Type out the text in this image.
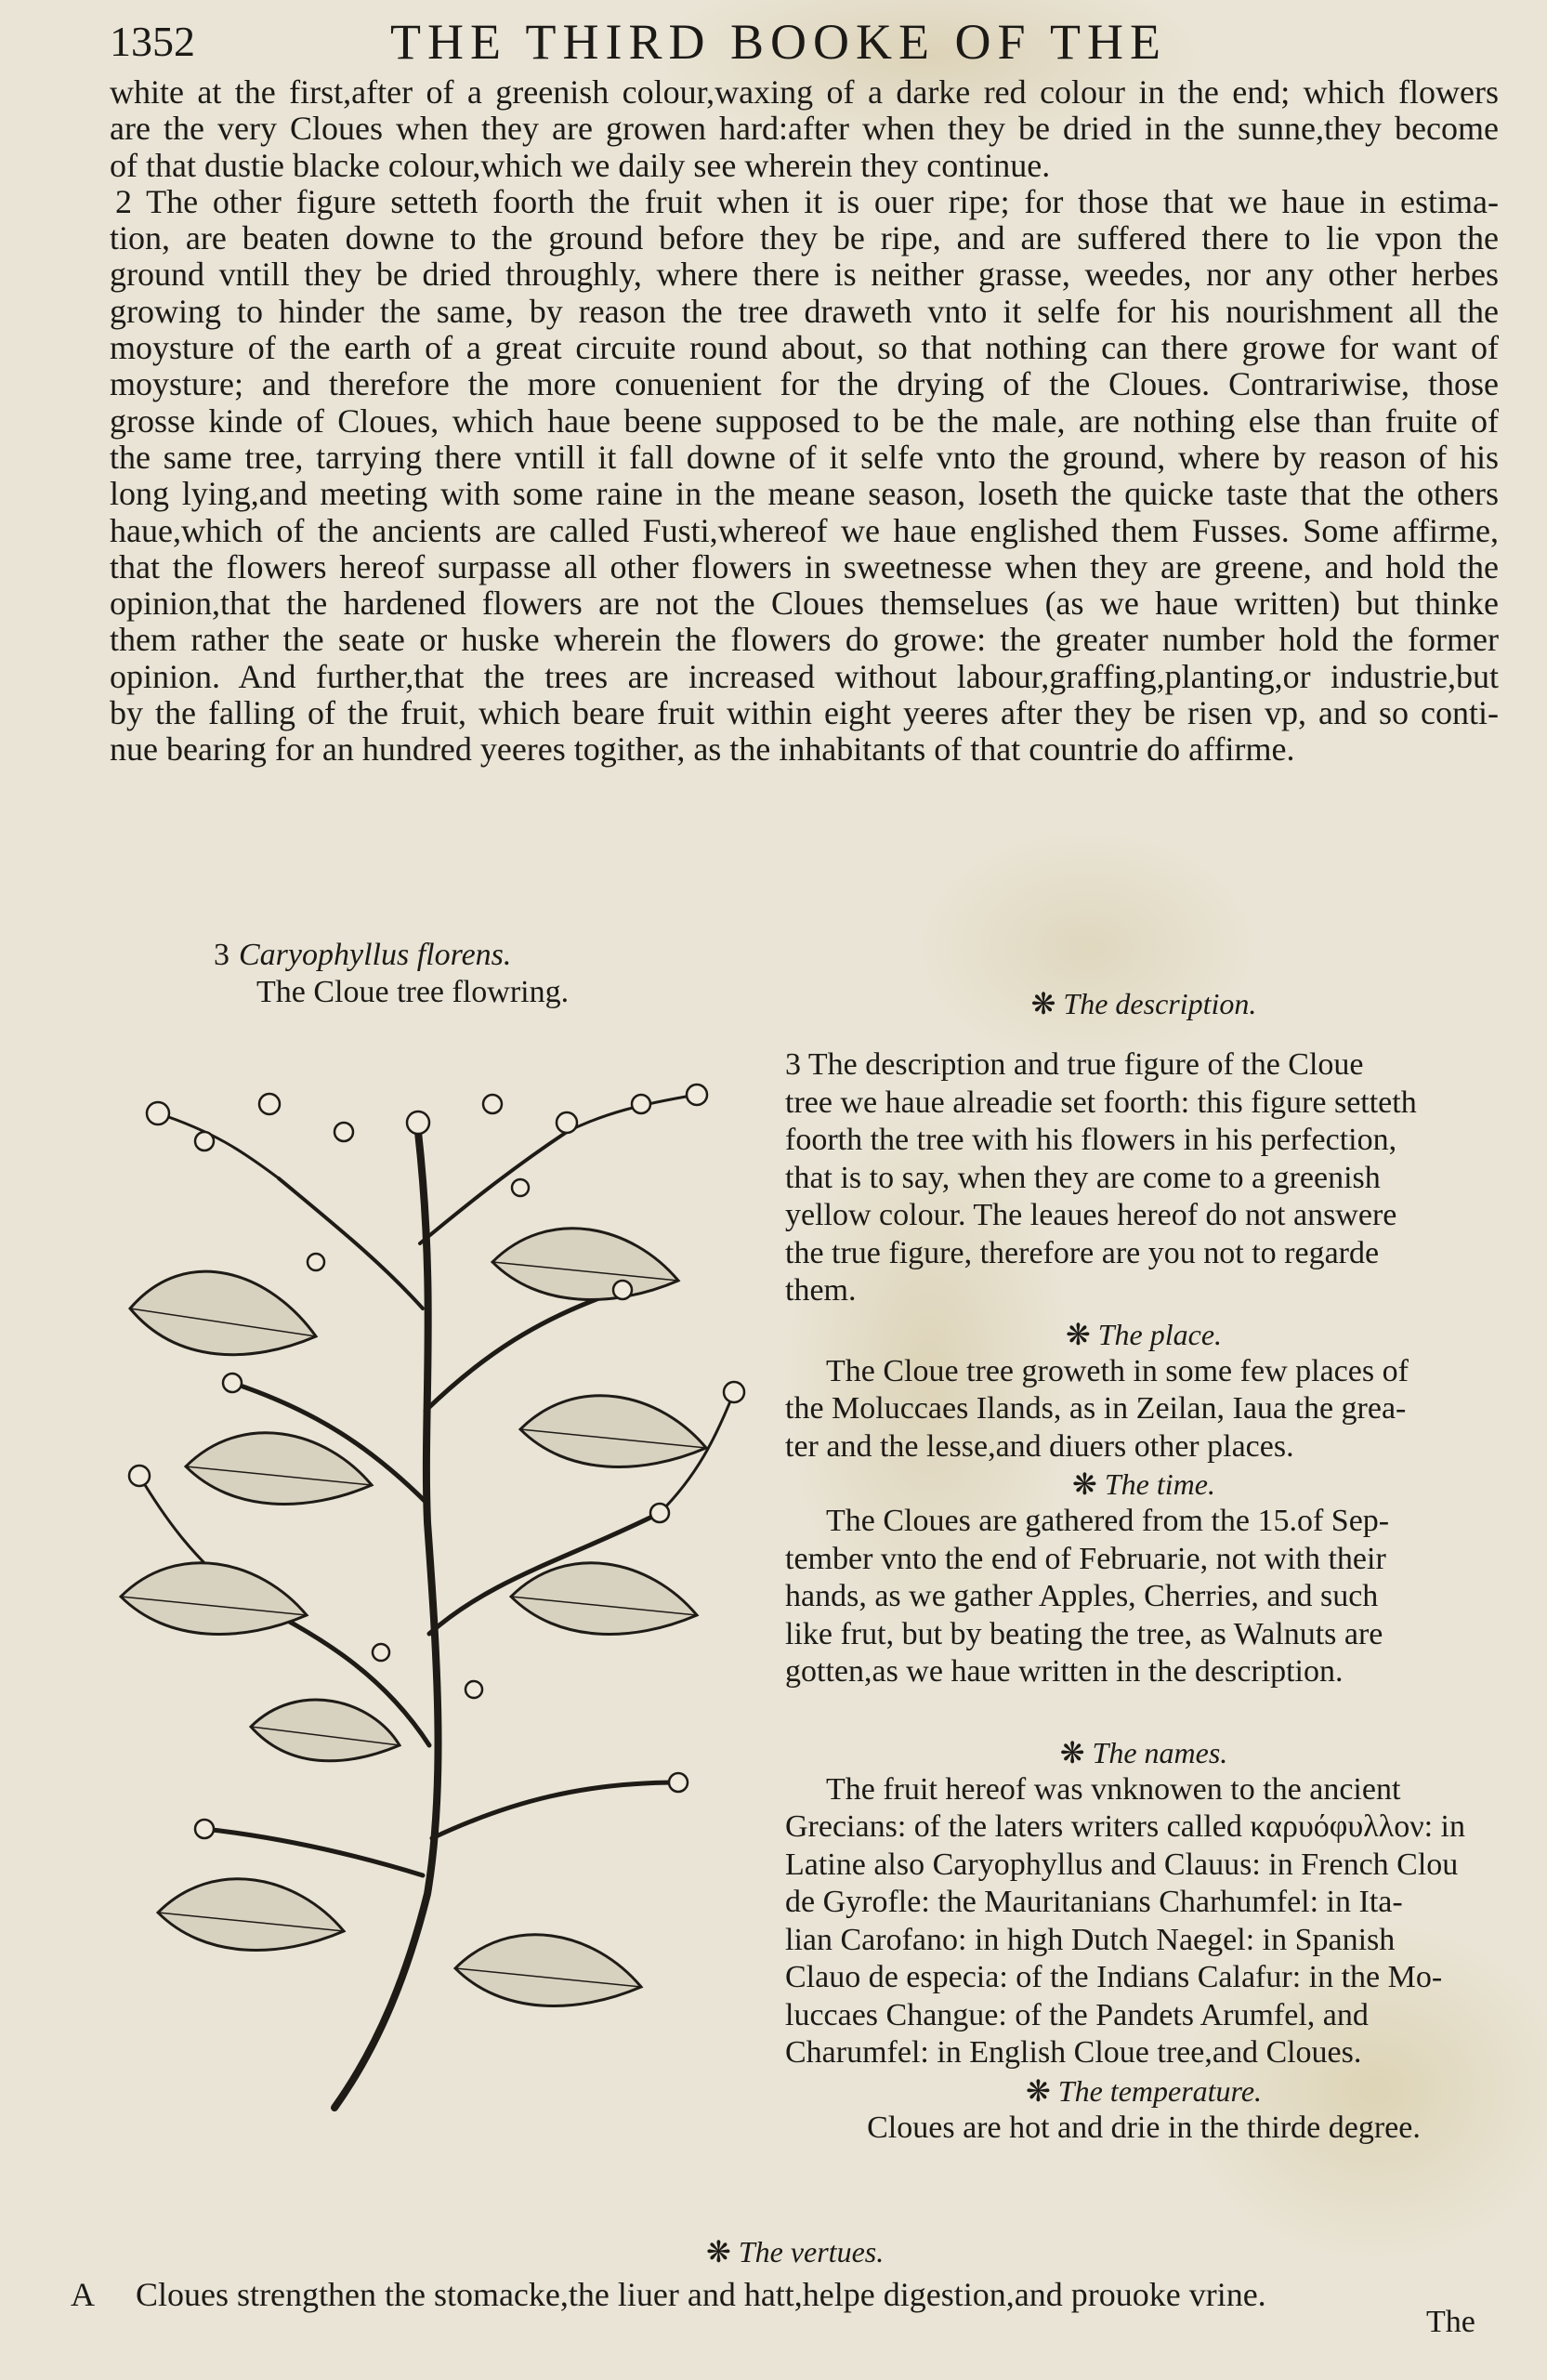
1352	THE THIRD BOOKE OF THE
white at the first,after of a greenish colour,waxing of a darke red colour in the end; which flowers
are the very Cloues when they are growen hard:after when they be dried in the sunne,they become
of that dustie blacke colour,which we daily see wherein they continue.
2 The other figure setteth foorth the fruit when it is ouer ripe; for those that we haue in estima-
tion, are beaten downe to the ground before they be ripe, and are suffered there to lie vpon the
ground vntill they be dried throughly, where there is neither grasse, weedes, nor any other herbes
growing to hinder the same, by reason the tree draweth vnto it selfe for his nourishment all the
moysture of the earth of a great circuite round about, so that nothing can there growe for want of
moysture; and therefore the more conuenient for the drying of the Cloues. Contrariwise, those
grosse kinde of Cloues, which haue beene supposed to be the male, are nothing else than fruite of
the same tree, tarrying there vntill it fall downe of it selfe vnto the ground, where by reason of his
long lying,and meeting with some raine in the meane season, loseth the quicke taste that the others
haue,which of the ancients are called Fusti,whereof we haue englished them Fusses. Some affirme,
that the flowers hereof surpasse all other flowers in sweetnesse when they are greene, and hold the
opinion,that the hardened flowers are not the Cloues themselues (as we haue written) but thinke
them rather the seate or huske wherein the flowers do growe: the greater number hold the former
opinion. And further,that the trees are increased without labour,graffing,planting,or industrie,but
by the falling of the fruit, which beare fruit within eight yeeres after they be risen vp, and so conti-
nue bearing for an hundred yeeres togither, as the inhabitants of that countrie do affirme.
3 Caryophyllus florens.
The Cloue tree flowring.	❋ The description.

3 The description and true figure of the Cloue
tree we haue alreadie set foorth: this figure setteth
foorth the tree with his flowers in his perfection,
that is to say, when they are come to a greenish
yellow colour. The leaues hereof do not answere
the true figure, therefore are you not to regarde
them.

❋ The place.

The Cloue tree groweth in some few places of
the Moluccaes Ilands, as in Zeilan, Iaua the grea-
ter and the lesse,and diuers other places.

❋ The time.

The Cloues are gathered from the 15.of Sep-
tember vnto the end of Februarie, not with their
hands, as we gather Apples, Cherries, and such
like frut, but by beating the tree, as Walnuts are
gotten,as we haue written in the description.

❋ The names.

The fruit hereof was vnknowen to the ancient
Grecians: of the laters writers called καρυόφυλλον: in
Latine also Caryophyllus and Clauus: in French Clou
de Gyrofle: the Mauritanians Charhumfel: in Ita-
lian Carofano: in high Dutch Naegel: in Spanish
Clauo de especia: of the Indians Calafur: in the Mo-
luccaes Changue: of the Pandets Arumfel, and
Charumfel: in English Cloue tree,and Cloues.

❋ The temperature.

Cloues are hot and drie in the thirde degree.

❋ The vertues.
A Cloues strengthen the stomacke,the liuer and hatt,helpe digestion,and prouoke vrine.
The
